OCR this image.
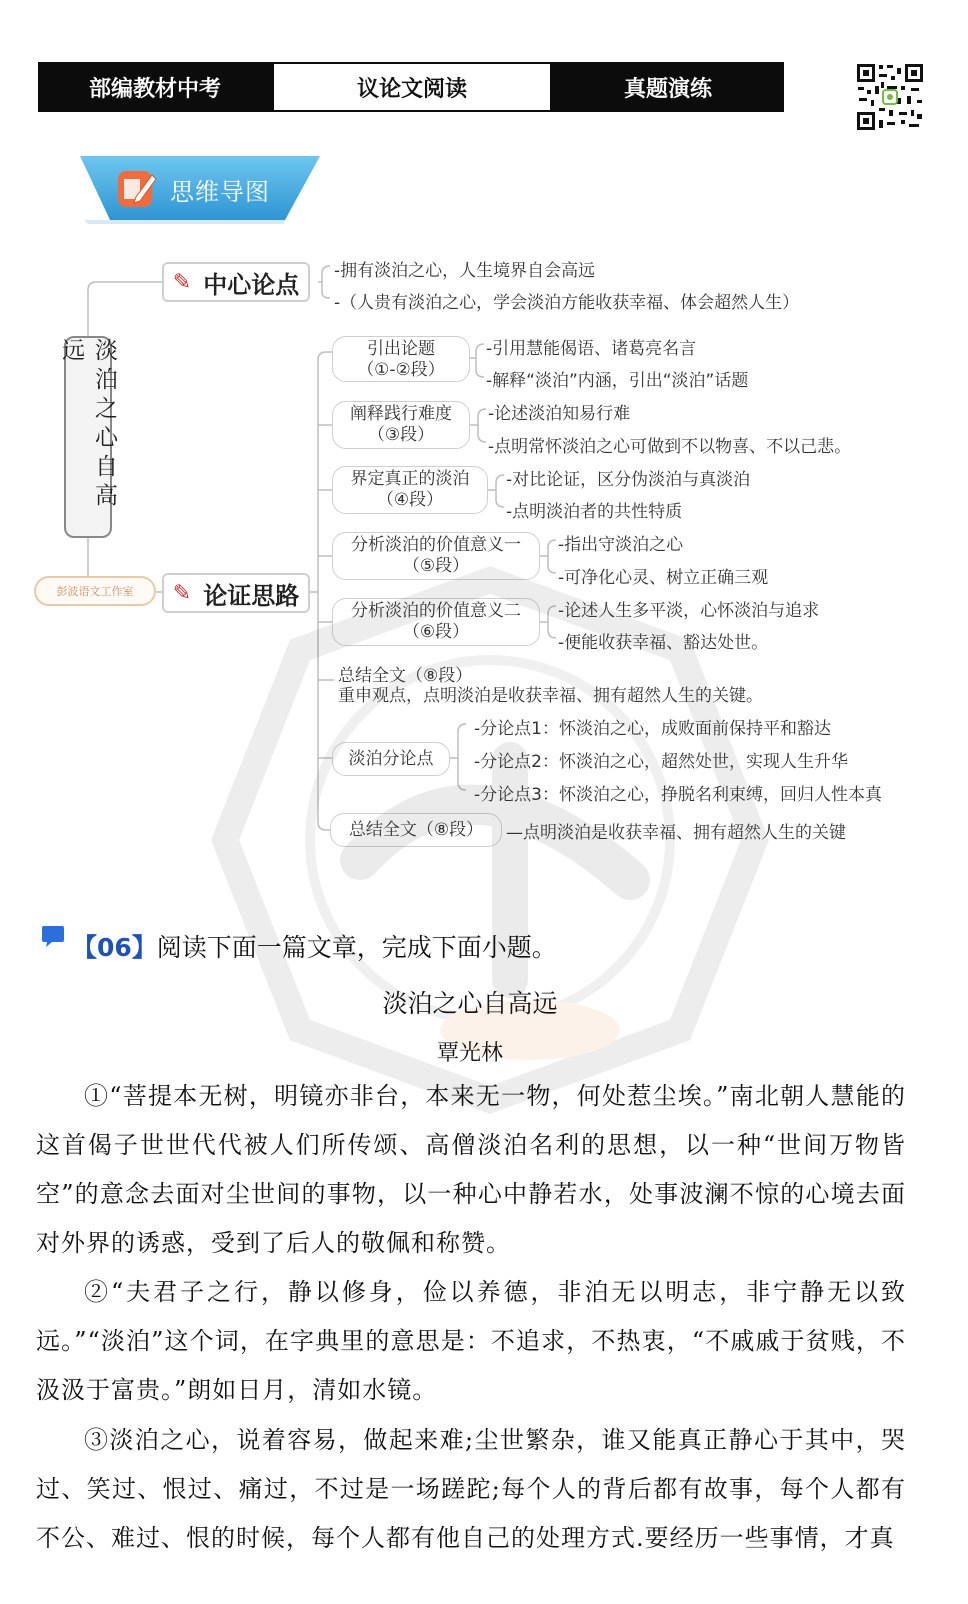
部编教材中考	议论文阅读	真题演练
思维导图
淡泊之心自高远
彭波语文工作室
✎ 中心论点 -拥有淡泊之心，人生境界自会高远
-（人贵有淡泊之心，学会淡泊方能收获幸福、体会超然人生）
✎ 论证思路
引出论题
（①-②段）
-引用慧能偈语、诸葛亮名言
-解释“淡泊”内涵，引出“淡泊”话题
阐释践行难度
（③段）
-论述淡泊知易行难
-点明常怀淡泊之心可做到不以物喜、不以己悲。
界定真正的淡泊
（④段）
-对比论证，区分伪淡泊与真淡泊
-点明淡泊者的共性特质
分析淡泊的价值意义一
（⑤段）
-指出守淡泊之心
-可净化心灵、树立正确三观
分析淡泊的价值意义二
（⑥段）
-论述人生多平淡，心怀淡泊与追求
-便能收获幸福、豁达处世。
总结全文（⑧段）
重申观点，点明淡泊是收获幸福、拥有超然人生的关键。
淡泊分论点
-分论点1：怀淡泊之心，成败面前保持平和豁达
-分论点2：怀淡泊之心，超然处世，实现人生升华
-分论点3：怀淡泊之心，挣脱名利束缚，回归人性本真
总结全文（⑧段）	—点明淡泊是收获幸福、拥有超然人生的关键
【06】阅读下面一篇文章，完成下面小题。
淡泊之心自高远
覃光林

①“菩提本无树，明镜亦非台，本来无一物，何处惹尘埃。”南北朝人慧能的这首偈子世世代代被人们所传颂、高僧淡泊名利的思想，以一种“世间万物皆空”的意念去面对尘世间的事物，以一种心中静若水，处事波澜不惊的心境去面对外界的诱惑，受到了后人的敬佩和称赞。

②“夫君子之行，静以修身，俭以养德，非泊无以明志，非宁静无以致远。”“淡泊”这个词，在字典里的意思是：不追求，不热衷，“不戚戚于贫贱，不汲汲于富贵。”朗如日月，清如水镜。

③淡泊之心，说着容易，做起来难;尘世繁杂，谁又能真正静心于其中，哭过、笑过、恨过、痛过，不过是一场蹉跎;每个人的背后都有故事，每个人都有不公、难过、恨的时候，每个人都有他自己的处理方式.要经历一些事情，才真
